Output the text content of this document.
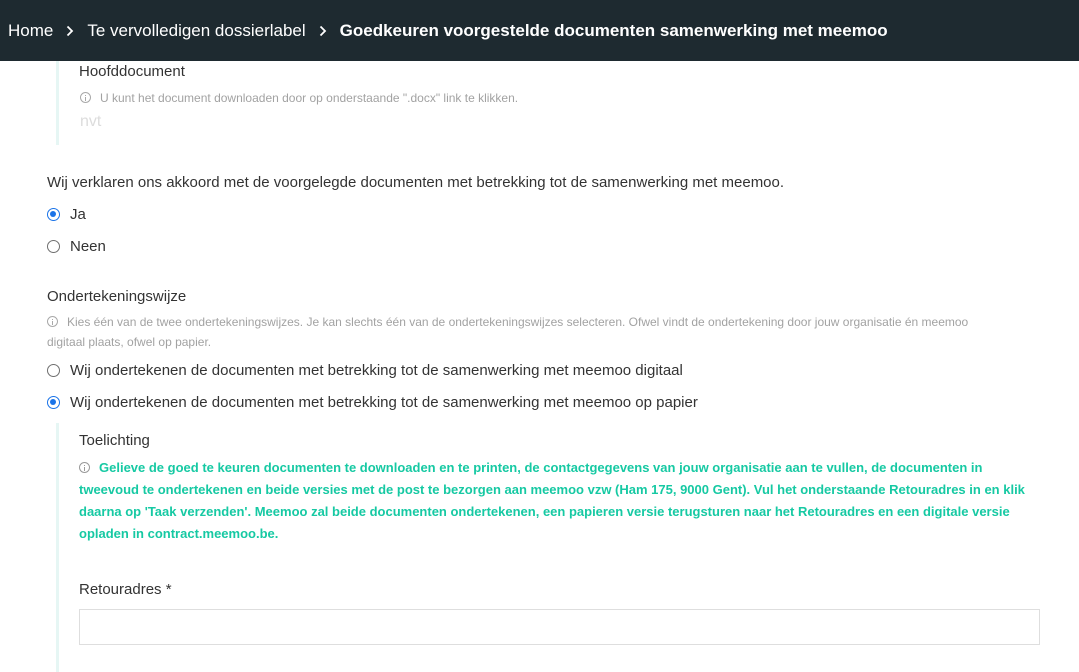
Home Te vervolledigen dossierlabel Goedkeuren voorgestelde documenten samenwerking met meemoo
Hoofddocument
U kunt het document downloaden door op onderstaande ".docx" link te klikken.
nvt
Wij verklaren ons akkoord met de voorgelegde documenten met betrekking tot de samenwerking met meemoo.
Ja
Neen
Ondertekeningswijze
Kies één van de twee ondertekeningswijzes. Je kan slechts één van de ondertekeningswijzes selecteren. Ofwel vindt de ondertekening door jouw organisatie én meemoo digitaal plaats, ofwel op papier.
Wij ondertekenen de documenten met betrekking tot de samenwerking met meemoo digitaal
Wij ondertekenen de documenten met betrekking tot de samenwerking met meemoo op papier
Toelichting
Gelieve de goed te keuren documenten te downloaden en te printen, de contactgegevens van jouw organisatie aan te vullen, de documenten in tweevoud te ondertekenen en beide versies met de post te bezorgen aan meemoo vzw (Ham 175, 9000 Gent). Vul het onderstaande Retouradres in en klik daarna op 'Taak verzenden'. Meemoo zal beide documenten ondertekenen, een papieren versie terugsturen naar het Retouradres en een digitale versie opladen in contract.meemoo.be.
Retouradres *
